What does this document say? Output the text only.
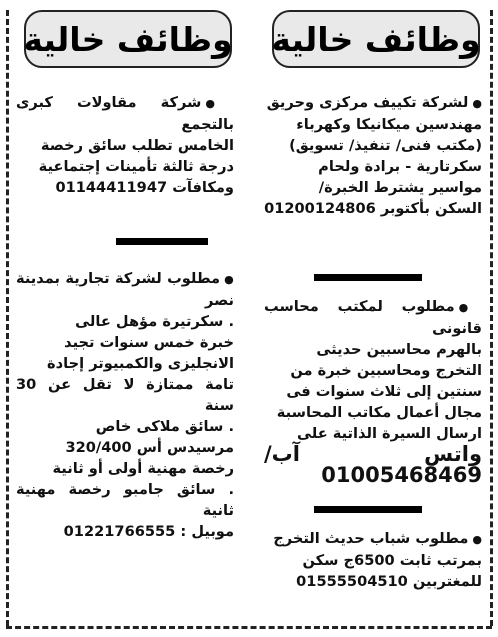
وظائف خالية

● شركة مقاولات كبرى بالتجمع

الخامس تطلب سائق رخصة

درجة ثالثة تأمينات إجتماعية

ومكافآت 01144411947

● مطلوب لشركة تجارية بمدينة نصر

. سكرتيرة مؤهل عالى

خبرة خمس سنوات تجيد

الانجليزى والكمبيوتر إجادة

تامة ممتازة لا تقل عن 30 سنة

. سائق ملاكى خاص

مرسيدس أس 320/400

رخصة مهنية أولى أو ثانية

. سائق جامبو رخصة مهنية ثانية

موبيل : 01221766555

وظائف خالية

● لشركة تكييف مركزى وحريق

مهندسين ميكانيكا وكهرباء

(مكتب فنى/ تنفيذ/ تسويق)

سكرتارية - برادة ولحام

مواسير يشترط الخبرة/

السكن بأكتوبر 01200124806

● مطلوب لمكتب محاسب قانونى

بالهرم محاسبين حديثى

التخرج ومحاسبين خبرة من

سنتين إلى ثلاث سنوات فى

مجال أعمال مكاتب المحاسبة

ارسال السيرة الذاتية على

واتس آب/ 01005468469

● مطلوب شباب حديث التخرج

بمرتب ثابت 6500ج سكن

للمغتربين 01555504510
